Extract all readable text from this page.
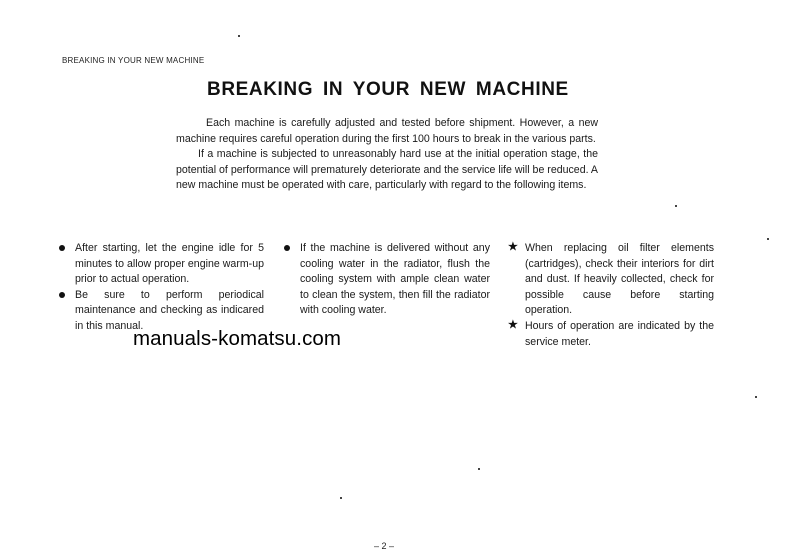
BREAKING IN YOUR NEW MACHINE
BREAKING IN YOUR NEW MACHINE

Each machine is carefully adjusted and tested before shipment. However, a new machine requires careful operation during the first 100 hours to break in the various parts.

If a machine is subjected to unreasonably hard use at the initial operation stage, the potential of performance will prematurely deteriorate and the service life will be reduced. A new machine must be operated with care, particularly with regard to the following items.

After starting, let the engine idle for 5 minutes to allow proper engine warm-up prior to actual operation.
Be sure to perform periodical maintenance and checking as indicared in this manual.
If the machine is delivered without any cooling water in the radiator, flush the cooling system with ample clean water to clean the system, then fill the radiator with cooling water.
★ When replacing oil filter elements (cartridges), check their interiors for dirt and dust. If heavily collected, check for possible cause before starting operation.
★ Hours of operation are indicated by the service meter.
manuals-komatsu.com
– 2 –
